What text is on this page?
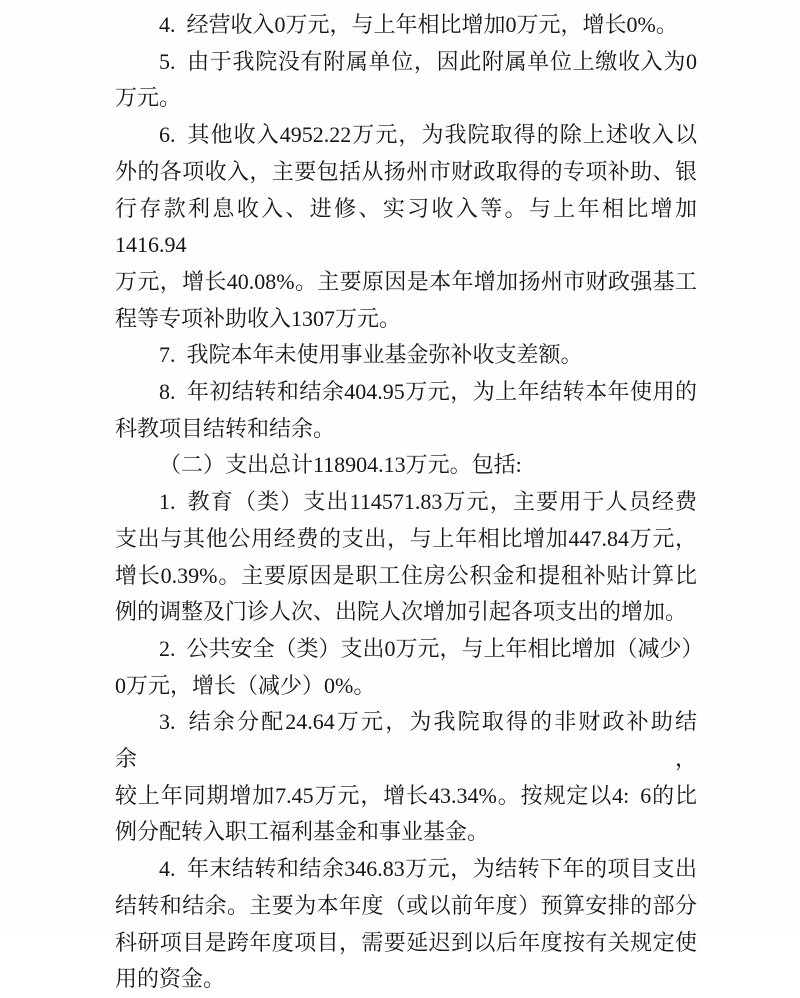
4. 经营收入0万元，与上年相比增加0万元，增长0%。
5. 由于我院没有附属单位，因此附属单位上缴收入为0
万元。
6. 其他收入4952.22万元，为我院取得的除上述收入以
外的各项收入，主要包括从扬州市财政取得的专项补助、银
行存款利息收入、进修、实习收入等。与上年相比增加1416.94
万元，增长40.08%。主要原因是本年增加扬州市财政强基工
程等专项补助收入1307万元。
7. 我院本年未使用事业基金弥补收支差额。
8. 年初结转和结余404.95万元，为上年结转本年使用的
科教项目结转和结余。
（二）支出总计118904.13万元。包括:
1. 教育（类）支出114571.83万元，主要用于人员经费
支出与其他公用经费的支出，与上年相比增加447.84万元，
增长0.39%。主要原因是职工住房公积金和提租补贴计算比
例的调整及门诊人次、出院人次增加引起各项支出的增加。
2. 公共安全（类）支出0万元，与上年相比增加（减少）
0万元，增长（减少）0%。
3. 结余分配24.64万元，为我院取得的非财政补助结余，
较上年同期增加7.45万元，增长43.34%。按规定以4: 6的比
例分配转入职工福利基金和事业基金。
4. 年末结转和结余346.83万元，为结转下年的项目支出
结转和结余。主要为本年度（或以前年度）预算安排的部分
科研项目是跨年度项目，需要延迟到以后年度按有关规定使
用的资金。
